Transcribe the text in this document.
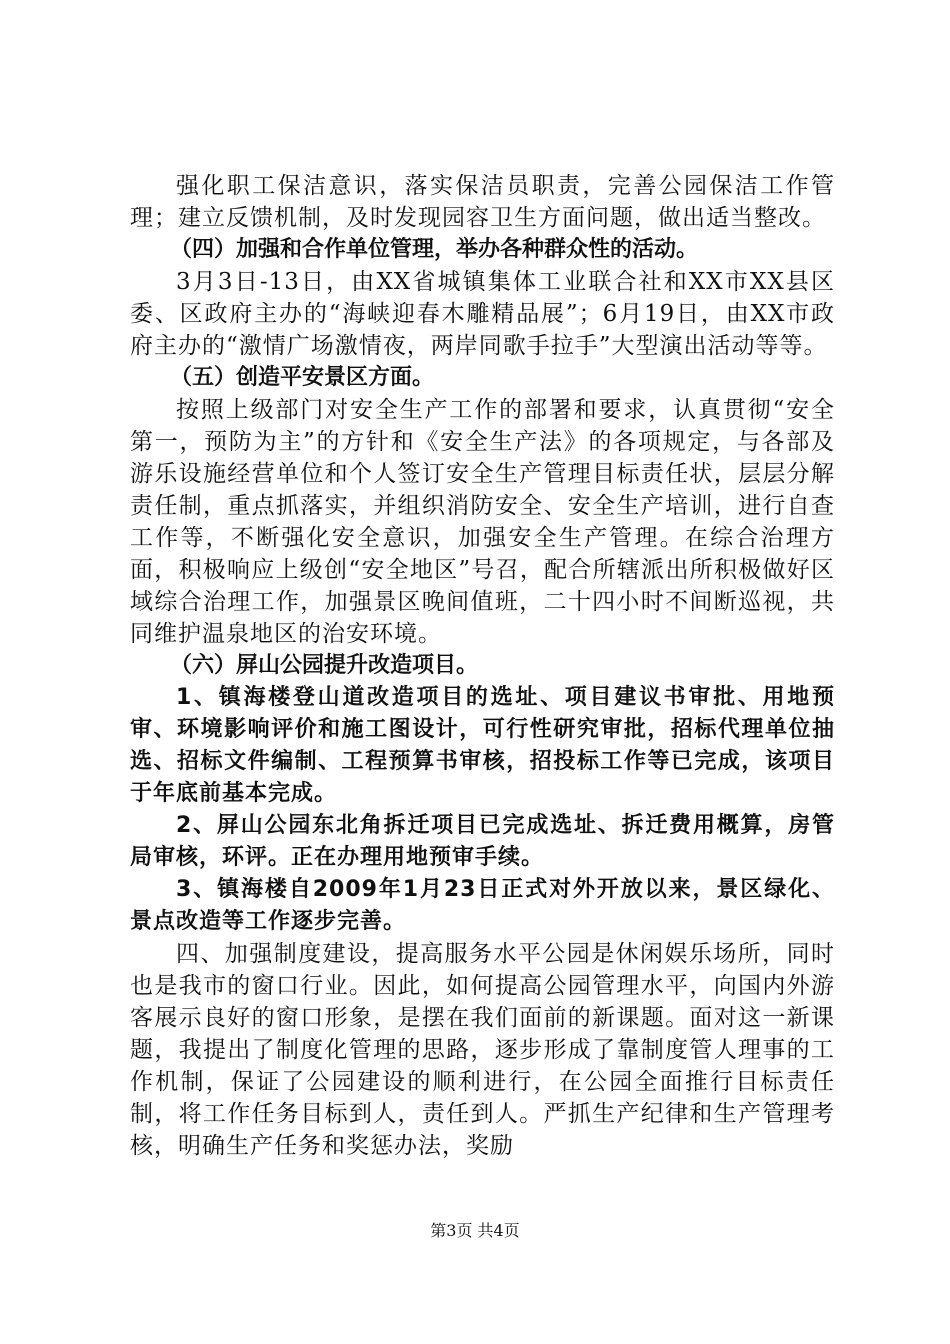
强化职工保洁意识，落实保洁员职责，完善公园保洁工作管理；建立反馈机制，及时发现园容卫生方面问题，做出适当整改。

（四）加强和合作单位管理，举办各种群众性的活动。

3月3日-13日，由XX省城镇集体工业联合社和XX市XX县区委、区政府主办的“海峡迎春木雕精品展”；6月19日，由XX市政府主办的“激情广场激情夜，两岸同歌手拉手”大型演出活动等等。

（五）创造平安景区方面。

按照上级部门对安全生产工作的部署和要求，认真贯彻“安全第一，预防为主”的方针和《安全生产法》的各项规定，与各部及游乐设施经营单位和个人签订安全生产管理目标责任状，层层分解责任制，重点抓落实，并组织消防安全、安全生产培训，进行自查工作等，不断强化安全意识，加强安全生产管理。在综合治理方面，积极响应上级创“安全地区”号召，配合所辖派出所积极做好区域综合治理工作，加强景区晚间值班，二十四小时不间断巡视，共同维护温泉地区的治安环境。

（六）屏山公园提升改造项目。

1、镇海楼登山道改造项目的选址、项目建议书审批、用地预审、环境影响评价和施工图设计，可行性研究审批，招标代理单位抽选、招标文件编制、工程预算书审核，招投标工作等已完成，该项目于年底前基本完成。

2、屏山公园东北角拆迁项目已完成选址、拆迁费用概算，房管局审核，环评。正在办理用地预审手续。

3、镇海楼自2009年1月23日正式对外开放以来，景区绿化、景点改造等工作逐步完善。

四、加强制度建设，提高服务水平公园是休闲娱乐场所，同时也是我市的窗口行业。因此，如何提高公园管理水平，向国内外游客展示良好的窗口形象，是摆在我们面前的新课题。面对这一新课题，我提出了制度化管理的思路，逐步形成了靠制度管人理事的工作机制，保证了公园建设的顺利进行，在公园全面推行目标责任制，将工作任务目标到人，责任到人。严抓生产纪律和生产管理考核，明确生产任务和奖惩办法，奖励

第3页 共4页
